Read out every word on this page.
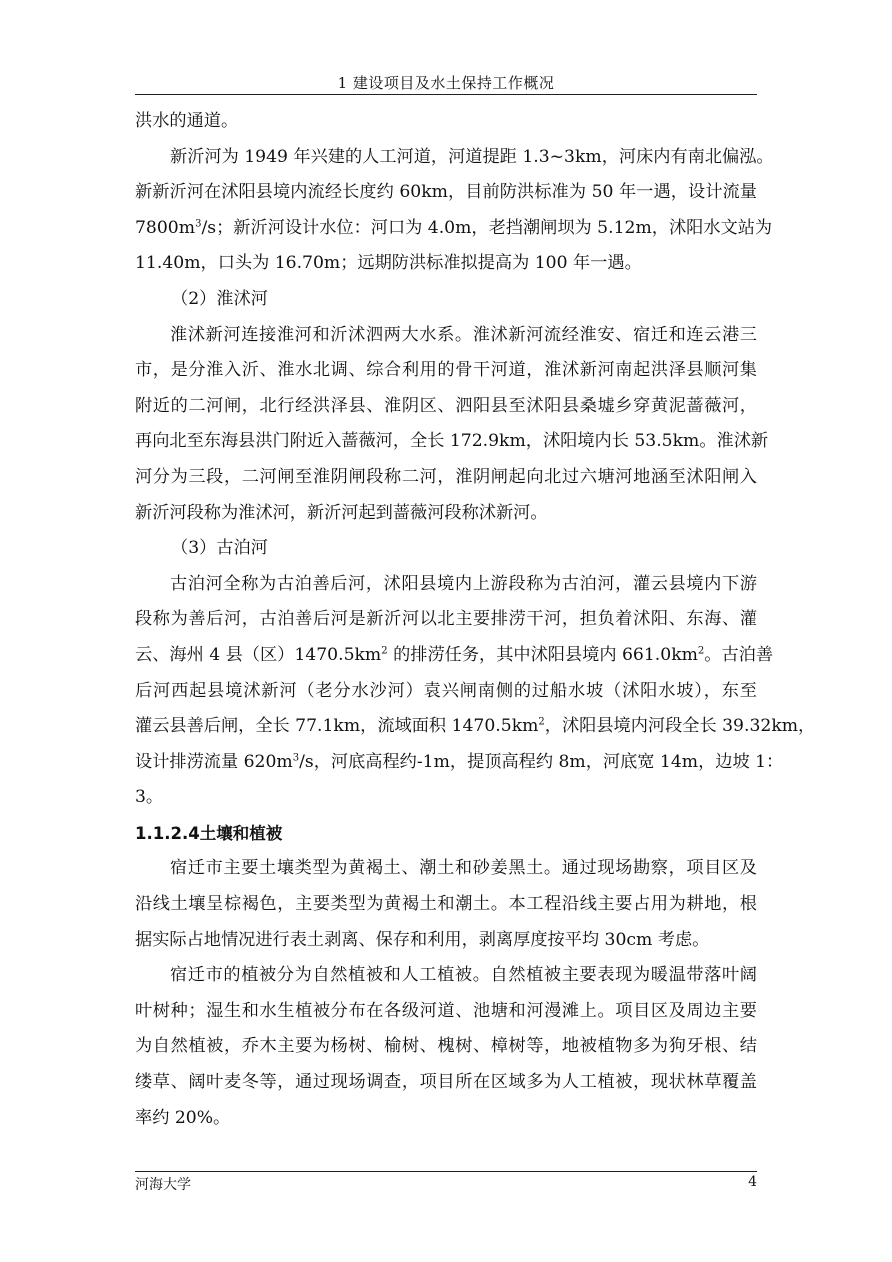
1 建设项目及水土保持工作概况
洪水的通道。
新沂河为 1949 年兴建的人工河道，河道提距 1.3~3km，河床内有南北偏泓。
新新沂河在沭阳县境内流经长度约 60km，目前防洪标准为 50 年一遇，设计流量
$7800m^3/s$；新沂河设计水位：河口为 4.0m，老挡潮闸坝为 5.12m，沭阳水文站为
11.40m，口头为 16.70m；远期防洪标准拟提高为 100 年一遇。
（2）淮沭河
淮沭新河连接淮河和沂沭泗两大水系。淮沭新河流经淮安、宿迁和连云港三
市，是分淮入沂、淮水北调、综合利用的骨干河道，淮沭新河南起洪泽县顺河集
附近的二河闸，北行经洪泽县、淮阴区、泗阳县至沭阳县桑墟乡穿黄泥蔷薇河，
再向北至东海县洪门附近入蔷薇河，全长 172.9km，沭阳境内长 53.5km。淮沭新
河分为三段，二河闸至淮阴闸段称二河，淮阴闸起向北过六塘河地涵至沭阳闸入
新沂河段称为淮沭河，新沂河起到蔷薇河段称沭新河。
（3）古泊河
古泊河全称为古泊善后河，沭阳县境内上游段称为古泊河，灌云县境内下游
段称为善后河，古泊善后河是新沂河以北主要排涝干河，担负着沭阳、东海、灌
云、海州 4 县（区）$1470.5km^2$ 的排涝任务，其中沭阳县境内 $661.0km^2$。古泊善
后河西起县境沭新河（老分水沙河）袁兴闸南侧的过船水坡（沭阳水坡），东至
灌云县善后闸，全长 77.1km，流域面积 $1470.5km^2$，沭阳县境内河段全长 39.32km，
设计排涝流量 $620m^3/s$，河底高程约-1m，提顶高程约 8m，河底宽 14m，边坡 1：
3。
1.1.2.4土壤和植被
宿迁市主要土壤类型为黄褐土、潮土和砂姜黑土。通过现场勘察，项目区及
沿线土壤呈棕褐色，主要类型为黄褐土和潮土。本工程沿线主要占用为耕地，根
据实际占地情况进行表土剥离、保存和利用，剥离厚度按平均 30cm 考虑。
宿迁市的植被分为自然植被和人工植被。自然植被主要表现为暖温带落叶阔
叶树种；湿生和水生植被分布在各级河道、池塘和河漫滩上。项目区及周边主要
为自然植被，乔木主要为杨树、榆树、槐树、樟树等，地被植物多为狗牙根、结
缕草、阔叶麦冬等，通过现场调查，项目所在区域多为人工植被，现状林草覆盖
率约 20%。
河海大学	4
